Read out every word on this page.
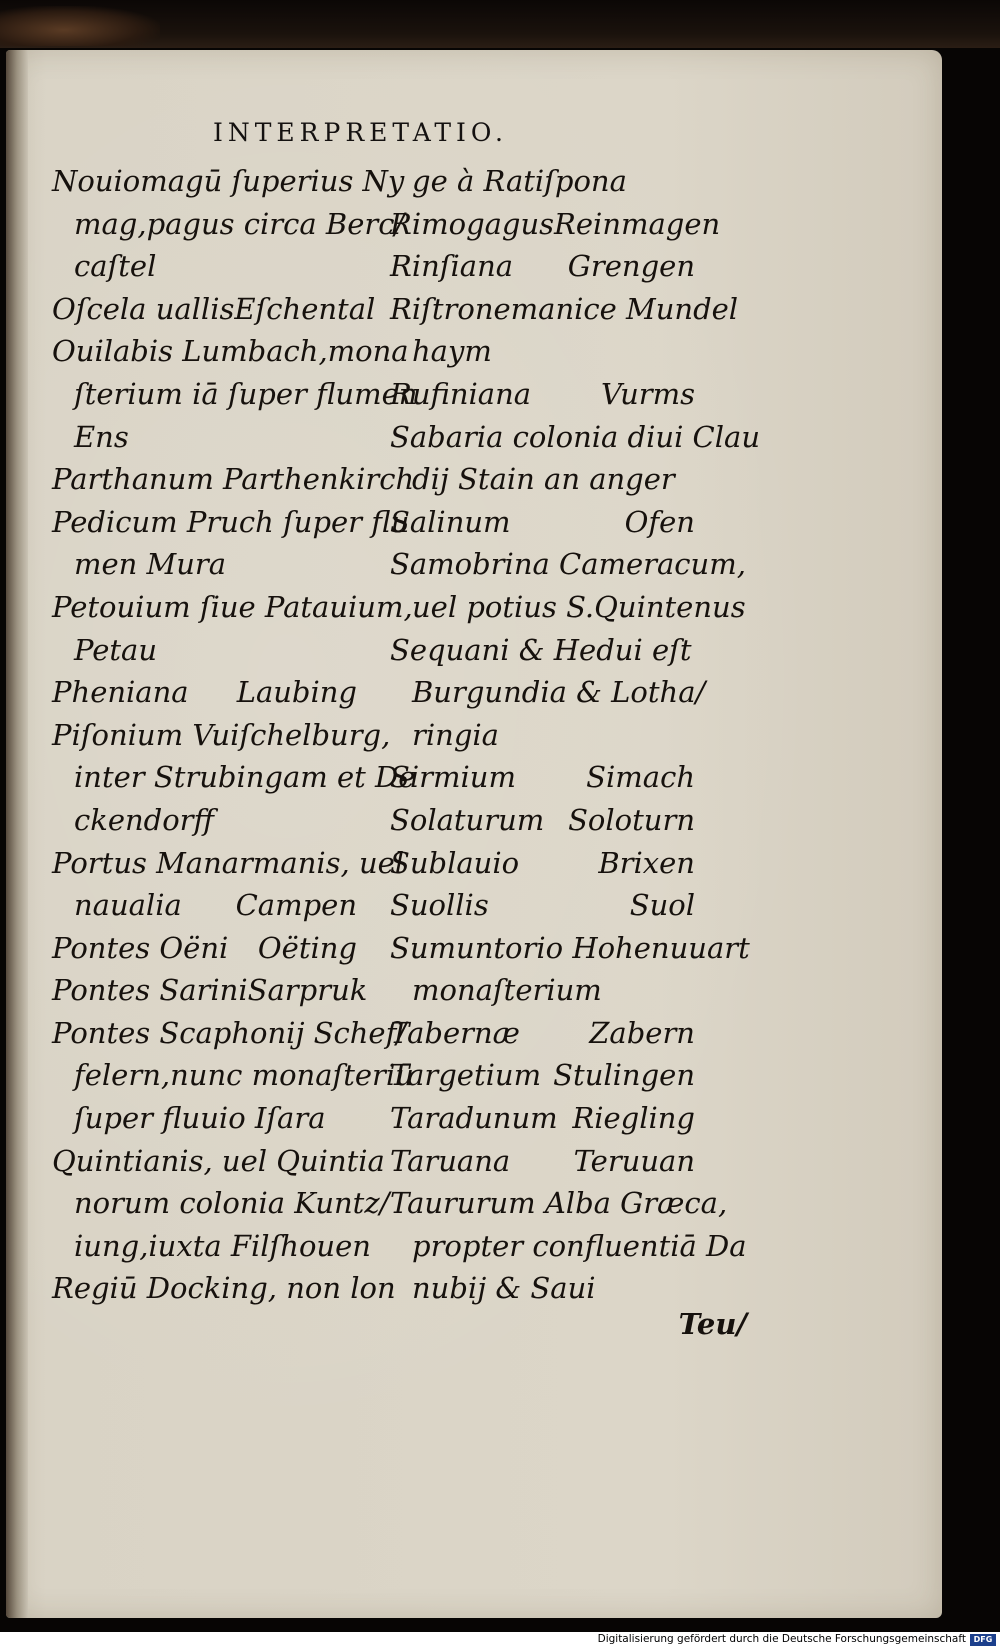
INTERPRETATIO.
Nouiomagū ſuperius Ny
mag,pagus circa Berc/
caſtel
Oſcela uallis Eſchental
Ouilabis Lumbach,mona
ſterium iā ſuper flumen
Ens
Parthanum Parthenkirch
Pedicum Pruch ſuper flu
men Mura
Petouium ſiue Patauium,
Petau
Pheniana Laubing
Piſonium Vuiſchelburg,
inter Strubingam et De
ckendorff
Portus Manarmanis, uel
naualia Campen
Pontes Oëni Oëting
Pontes Sarini Sarpruk
Pontes Scaphonij Schef/
felern,nunc monaſteriū
ſuper fluuio Iſara
Quintianis, uel Quintia
norum colonia Kuntz/
iung,iuxta Filſhouen
Regiū Docking, non lon
ge à Ratiſpona
Rimogagus Reinmagen
Rinſiana Grengen
Riſtronemanice Mundel
haym
Rufiniana Vurms
Sabaria colonia diui Clau
dij Stain an anger
Salinum	Ofen
Samobrina Cameracum,
uel potius S.Quintenus
Sequani & Hedui eſt
Burgundia & Lotha/
ringia
Sirmium Simach
Solaturum Soloturn
Sublauio	Brixen
Suollis	Suol
Sumuntorio Hohenuuart
monaſterium
Tabernæ Zabern
Targetium Stulingen
Taradunum Riegling
Taruana Teruuan
Taururum Alba Græca,
propter confluentiā Da
nubij & Saui
Teu/
Digitalisierung gefördert durch die Deutsche Forschungsgemeinschaft DFG
